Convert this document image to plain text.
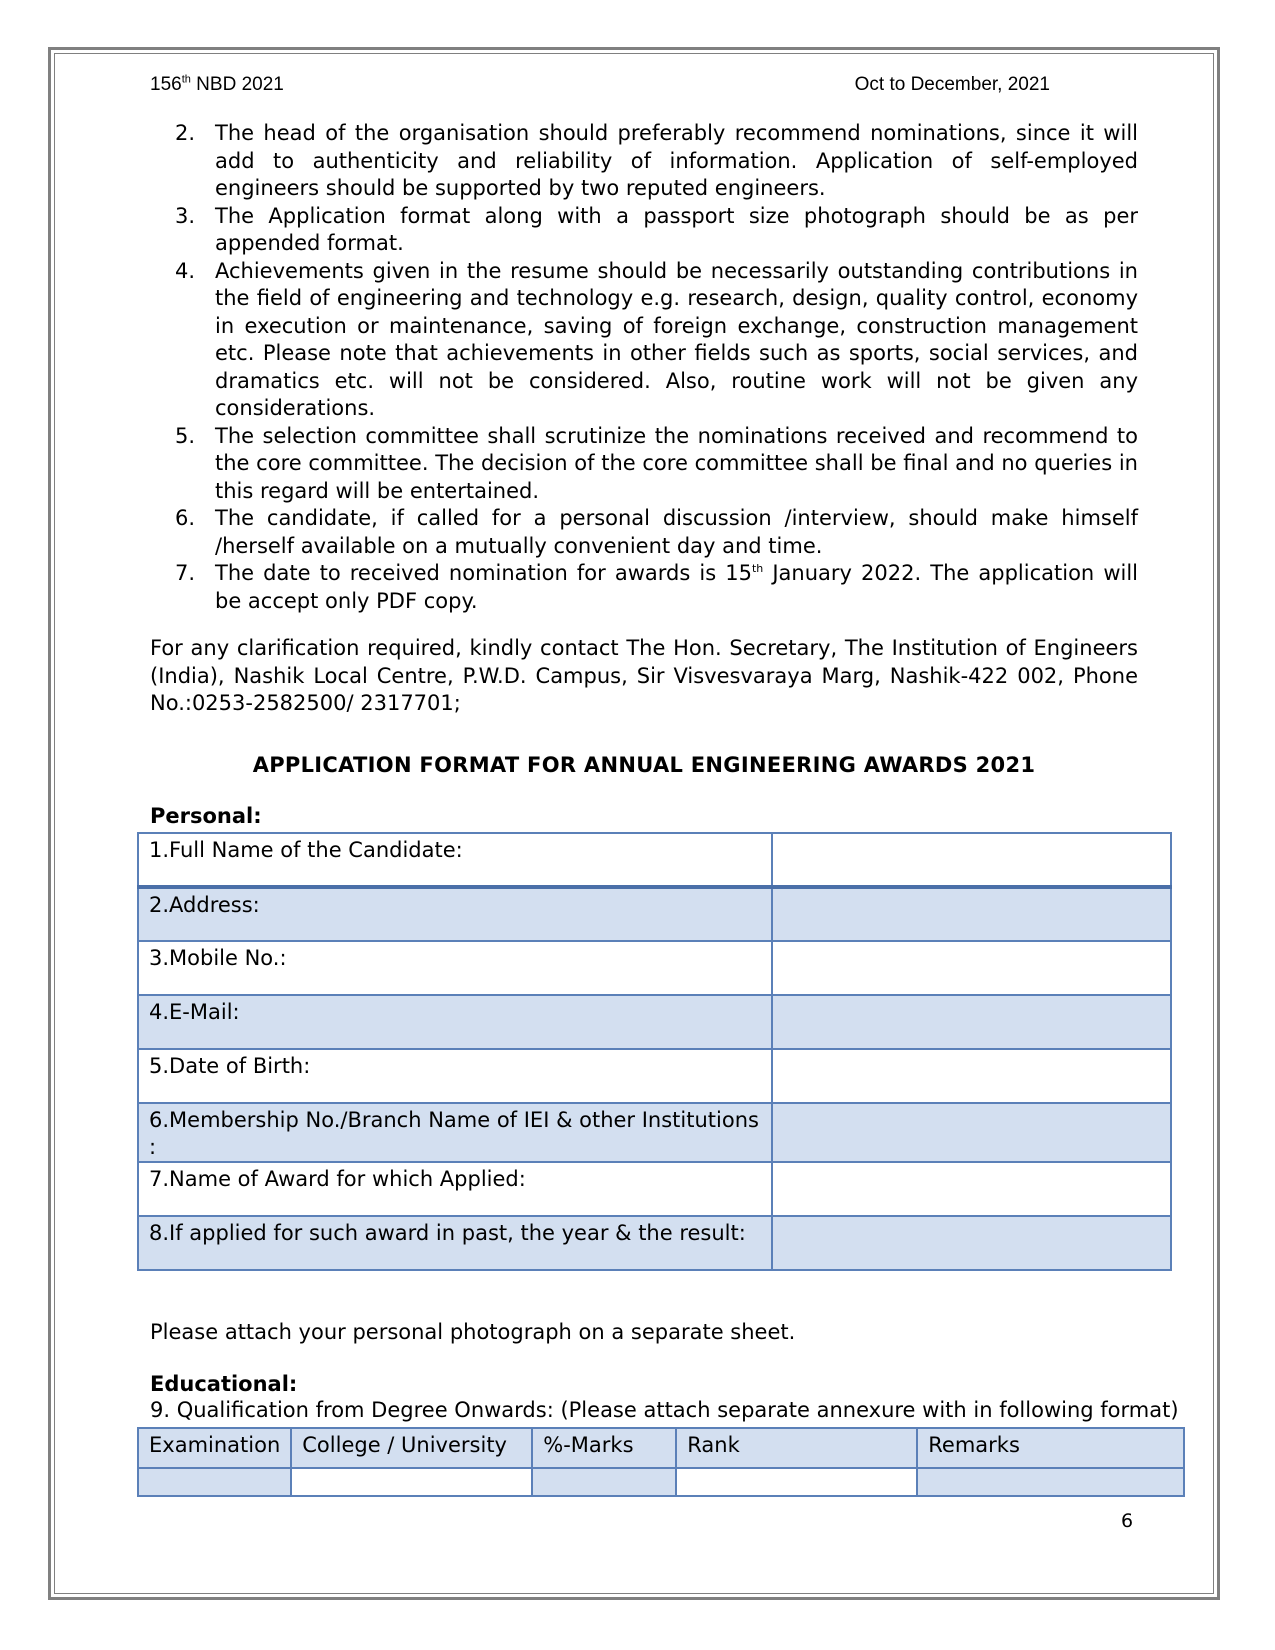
156th NBD 2021	Oct to December, 2021
2. The head of the organisation should preferably recommend nominations, since it will add to authenticity and reliability of information. Application of self-employed engineers should be supported by two reputed engineers.
3. The Application format along with a passport size photograph should be as per appended format.
4. Achievements given in the resume should be necessarily outstanding contributions in the field of engineering and technology e.g. research, design, quality control, economy in execution or maintenance, saving of foreign exchange, construction management etc. Please note that achievements in other fields such as sports, social services, and dramatics etc. will not be considered. Also, routine work will not be given any considerations.
5. The selection committee shall scrutinize the nominations received and recommend to the core committee. The decision of the core committee shall be final and no queries in this regard will be entertained.
6. The candidate, if called for a personal discussion /interview, should make himself /herself available on a mutually convenient day and time.
7. The date to received nomination for awards is 15th January 2022. The application will be accept only PDF copy.

For any clarification required, kindly contact The Hon. Secretary, The Institution of Engineers (India), Nashik Local Centre, P.W.D. Campus, Sir Visvesvaraya Marg, Nashik-422 002, Phone No.:0253-2582500/ 2317701;

APPLICATION FORMAT FOR ANNUAL ENGINEERING AWARDS 2021
Personal:
1.Full Name of the Candidate:	
2.Address:	
3.Mobile No.:	
4.E-Mail:	
5.Date of Birth:	
6.Membership No./Branch Name of IEI & other Institutions :	
7.Name of Award for which Applied:	
8.If applied for such award in past, the year & the result:	
Please attach your personal photograph on a separate sheet.
Educational:
9. Qualification from Degree Onwards: (Please attach separate annexure with in following format)
Examination	College / University	%-Marks	Rank	Remarks

6
